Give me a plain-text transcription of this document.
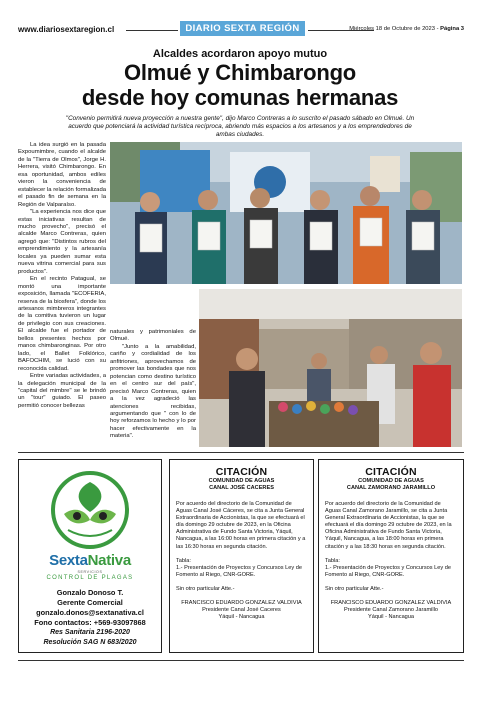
www.diariosextaregion.cl	DIARIO SEXTA REGIÓN	Miércoles 18 de Octubre de 2023 - Página 3
Alcaldes acordaron apoyo mutuo
Olmué y Chimbarongo
desde hoy comunas hermanas
"Convenio permitirá nueva proyección a nuestra gente", dijo Marco Contreras a lo suscrito el pasado sábado en Olmué. Un acuerdo que potenciará la actividad turística recíproca, abriendo más espacios a los artesanos y a los emprendedores de ambas ciudades.

La idea surgió en la pasada Expoumimbre, cuando el alcalde de la "Tierra de Olmos", Jorge H. Herrera, visitó Chimbarongo. En esa oportunidad, ambos ediles vieron la conveniencia de establecer la relación formalizada el pasado fin de semana en la Región de Valparaíso.

"La experiencia nos dice que estas iniciativas resultan de mucho provecho", precisó el alcalde Marco Contreras, quien agregó que: "Distintos rubros del emprendimiento y la artesanía locales ya pueden sumar esta nueva vitrina comercial para sus productos".

En el recinto Patagual, se montó una importante exposición, llamada "ECOFERIA, reserva de la biosfera", donde los artesanos mimbreros integrantes de la comitiva tuvieron un lugar de privilegio con sus creaciones. El alcalde fue el portador de bellos presentes hechos por manos chimbaronginas. Por otro lado, el Ballet Folklórico, BAFOCHIM, se lució con su reconocida calidad.

Entre variadas actividades, a la delegación municipal de la "capital del mimbre" se le brindó un "tour" guiado. El paseo permitió conocer bellezas

naturales y patrimoniales de Olmué.

"Junto a la amabilidad, cariño y cordialidad de los anfitriones, aprovechamos de promover las bondades que nos potencian como destino turístico en el centro sur del país", precisó Marco Contreras, quien a la vez agradeció las atenciones recibidas, argumentando que " con lo de hoy reforzamos lo hecho y lo por hacer efectivamente en la materia".

SextaNativa
SERVICIOS
CONTROL DE PLAGAS
Gonzalo Donoso T.
Gerente Comercial
gonzalo.donos@sextanativa.cl
Fono contactos: +569-93097868
Res Sanitaria 2196-2020
Resolución SAG N 683/2020
CITACIÓN
COMUNIDAD DE AGUAS
CANAL JOSÉ CACERES

Por acuerdo del directorio de la Comunidad de Aguas Canal José Cáceres, se cita a Junta General Extraordinaria de Accionistas, la que se efectuará el día domingo 29 octubre de 2023, en la Oficina Administrativa de Fundo Santa Victoria, Yáquil, Nancagua, a las 16:00 horas en primera citación y a las 16:30 horas en segunda citación.

Tabla:

1.- Presentación de Proyectos y Concursos Ley de Fomento al Riego, CNR-GORE.

Sin otro particular Atte.-

FRANCISCO EDUARDO GONZALEZ VALDIVIA
Presidente Canal José Caceres
Yáquil - Nancagua
CITACIÓN
COMUNIDAD DE AGUAS
CANAL ZAMORANO JARAMILLO

Por acuerdo del directorio de la Comunidad de Aguas Canal Zamorano Jaramillo, se cita a Junta General Extraordinaria de Accionistas, la que se efectuará el día domingo 29 octubre de 2023, en la Oficina Administrativa de Fundo Santa Victoria, Yáquil, Nancagua, a las 18:00 horas en primera citación y a las 18:30 horas en segunda citación.

Tabla:

1.- Presentación de Proyectos y Concursos Ley de Fomento al Riego, CNR-GORE.

Sin otro particular Atte.-

FRANCISCO EDUARDO GONZALEZ VALDIVIA
Presidente Canal Zamorano Jaramillo
Yáquil - Nancagua
